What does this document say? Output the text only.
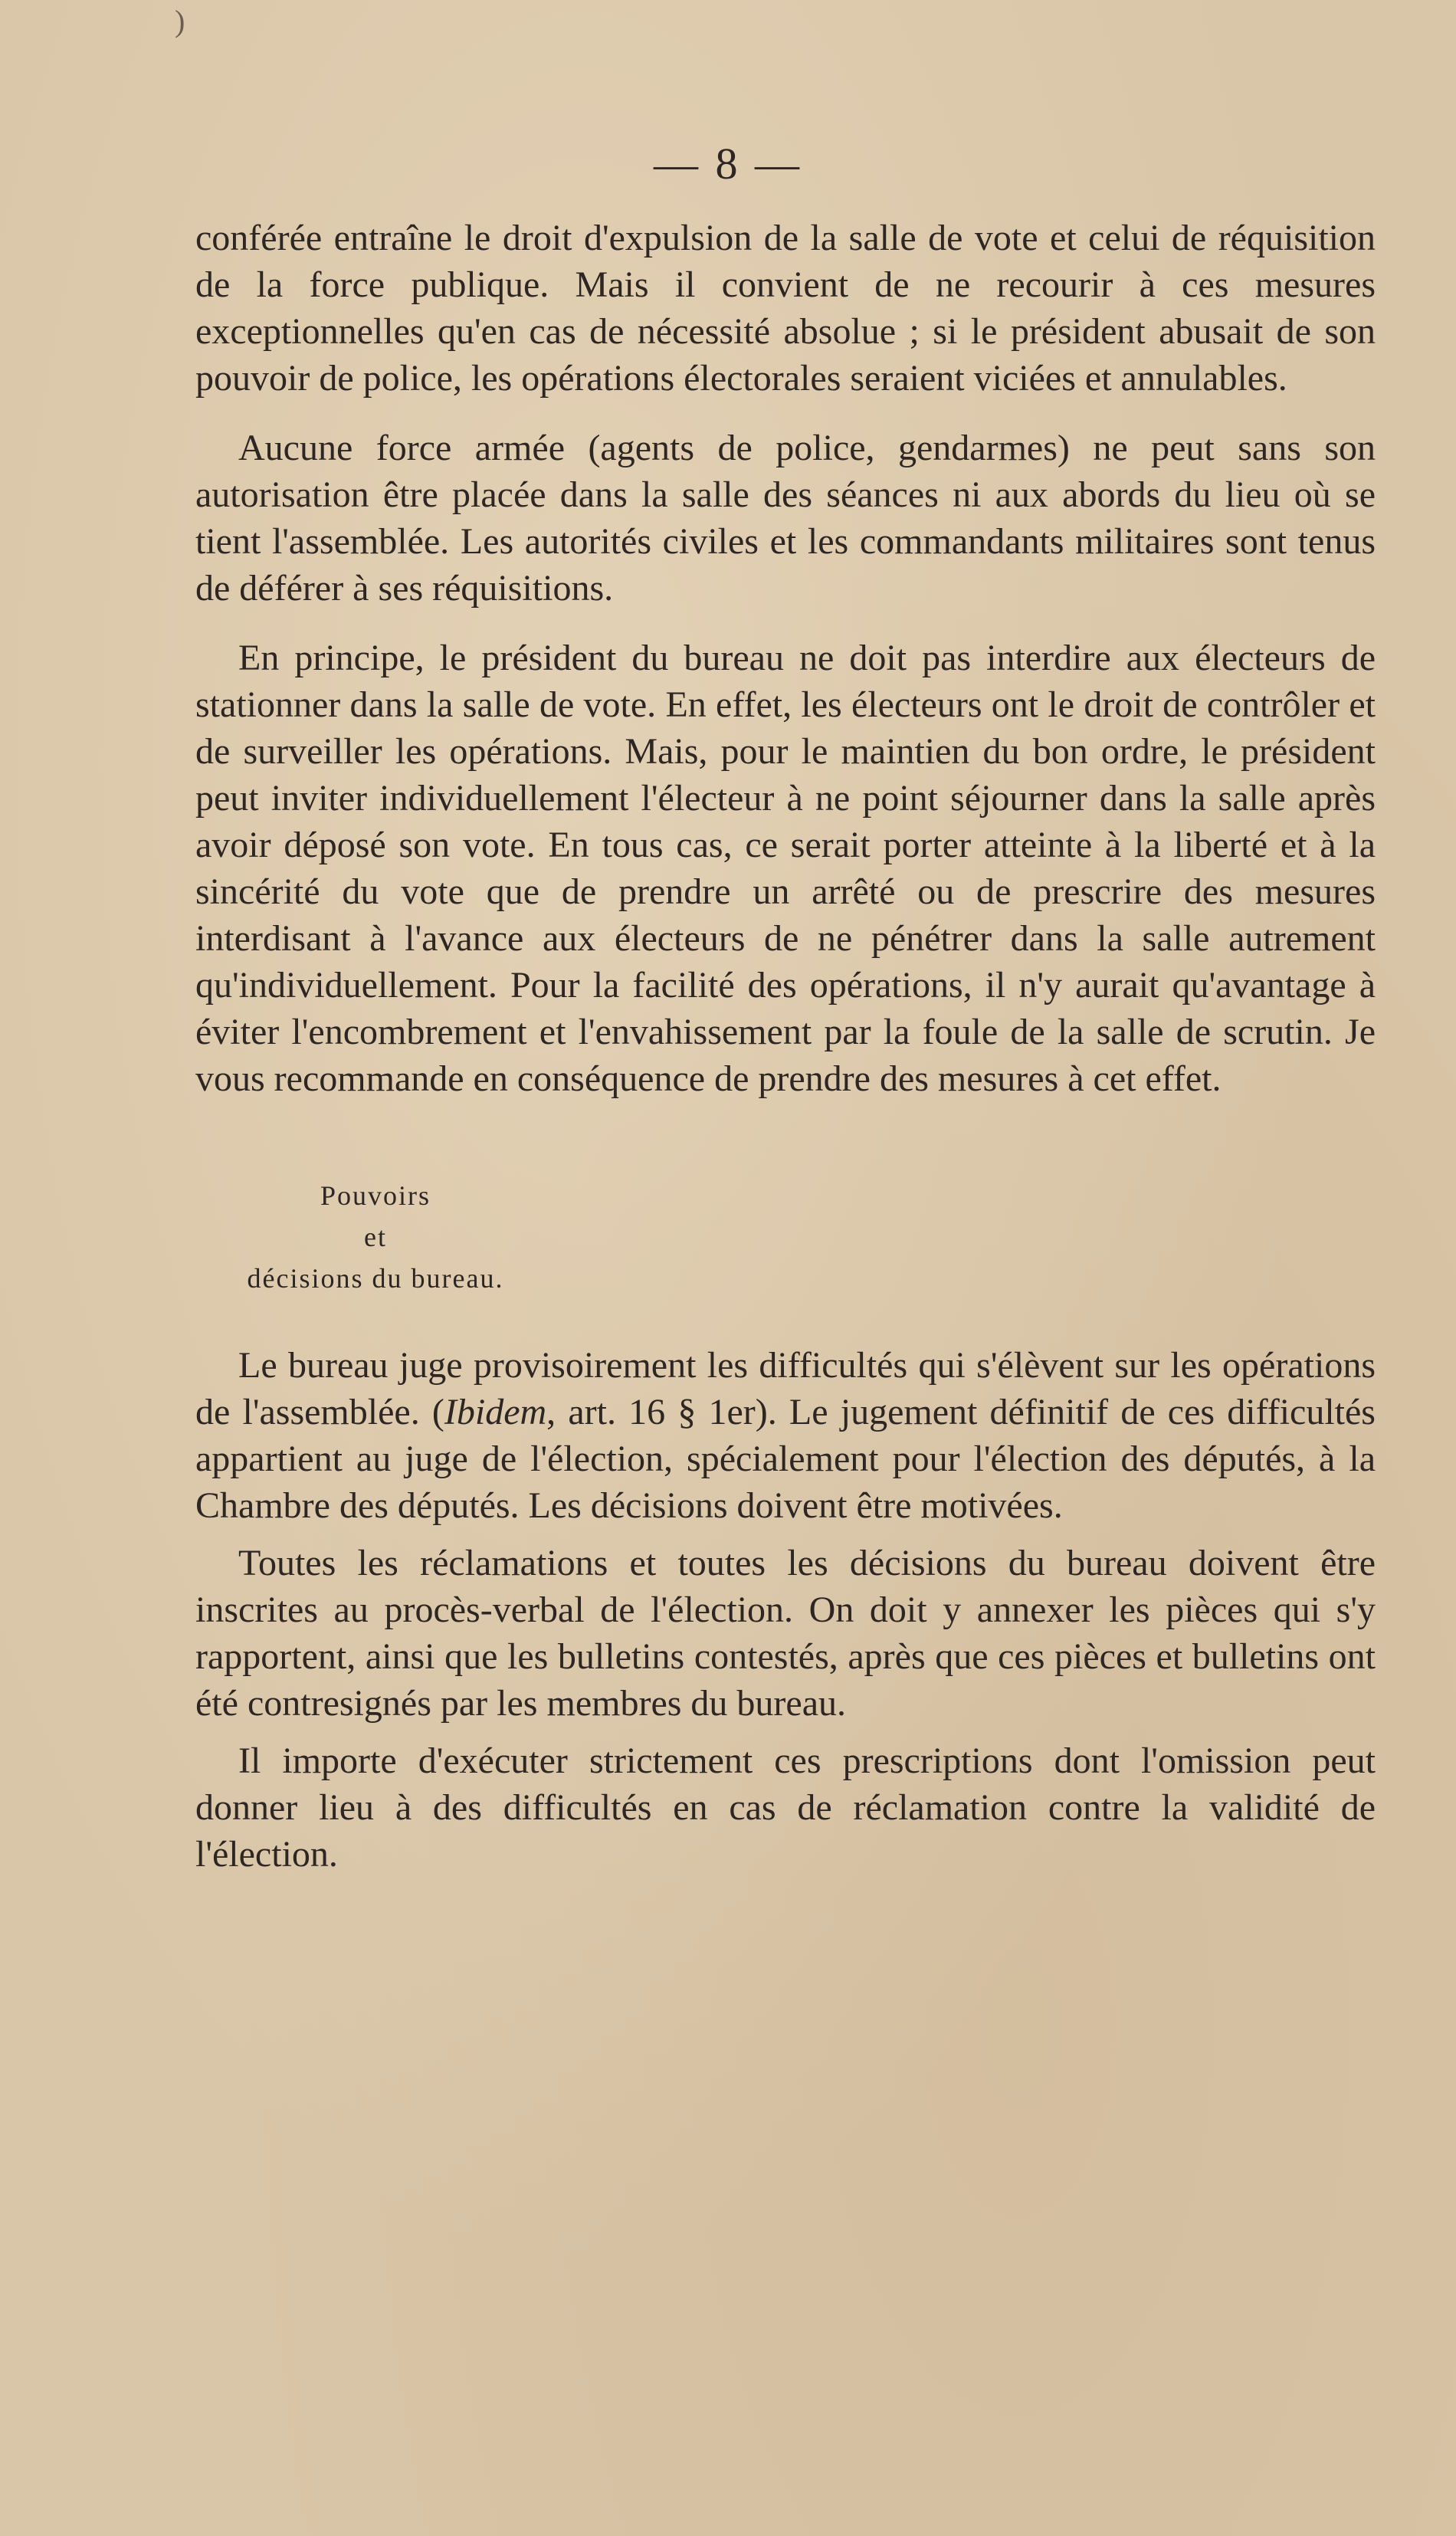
)
— 8 —

conférée entraîne le droit d'expulsion de la salle de vote et celui de réquisition de la force publique. Mais il convient de ne recourir à ces mesures exceptionnelles qu'en cas de nécessité absolue ; si le président abusait de son pouvoir de police, les opérations électorales seraient viciées et annulables.

Aucune force armée (agents de police, gendarmes) ne peut sans son autorisation être placée dans la salle des séances ni aux abords du lieu où se tient l'assemblée. Les autorités civiles et les commandants militaires sont tenus de déférer à ses réquisitions.

En principe, le président du bureau ne doit pas interdire aux électeurs de stationner dans la salle de vote. En effet, les électeurs ont le droit de contrôler et de surveiller les opérations. Mais, pour le maintien du bon ordre, le président peut inviter individuellement l'électeur à ne point séjourner dans la salle après avoir déposé son vote. En tous cas, ce serait porter atteinte à la liberté et à la sincérité du vote que de prendre un arrêté ou de prescrire des mesures interdisant à l'avance aux électeurs de ne pénétrer dans la salle autrement qu'individuellement. Pour la facilité des opérations, il n'y aurait qu'avantage à éviter l'encombrement et l'envahissement par la foule de la salle de scrutin. Je vous recommande en conséquence de prendre des mesures à cet effet.

Pouvoirs
et
décisions du bureau.

Le bureau juge provisoirement les difficultés qui s'élèvent sur les opérations de l'assemblée. (Ibidem, art. 16 § 1er). Le jugement définitif de ces difficultés appartient au juge de l'élection, spécialement pour l'élection des députés, à la Chambre des députés. Les décisions doivent être motivées.

Toutes les réclamations et toutes les décisions du bureau doivent être inscrites au procès-verbal de l'élection. On doit y annexer les pièces qui s'y rapportent, ainsi que les bulletins contestés, après que ces pièces et bulletins ont été contresignés par les membres du bureau.

Il importe d'exécuter strictement ces prescriptions dont l'omission peut donner lieu à des difficultés en cas de réclamation contre la validité de l'élection.
